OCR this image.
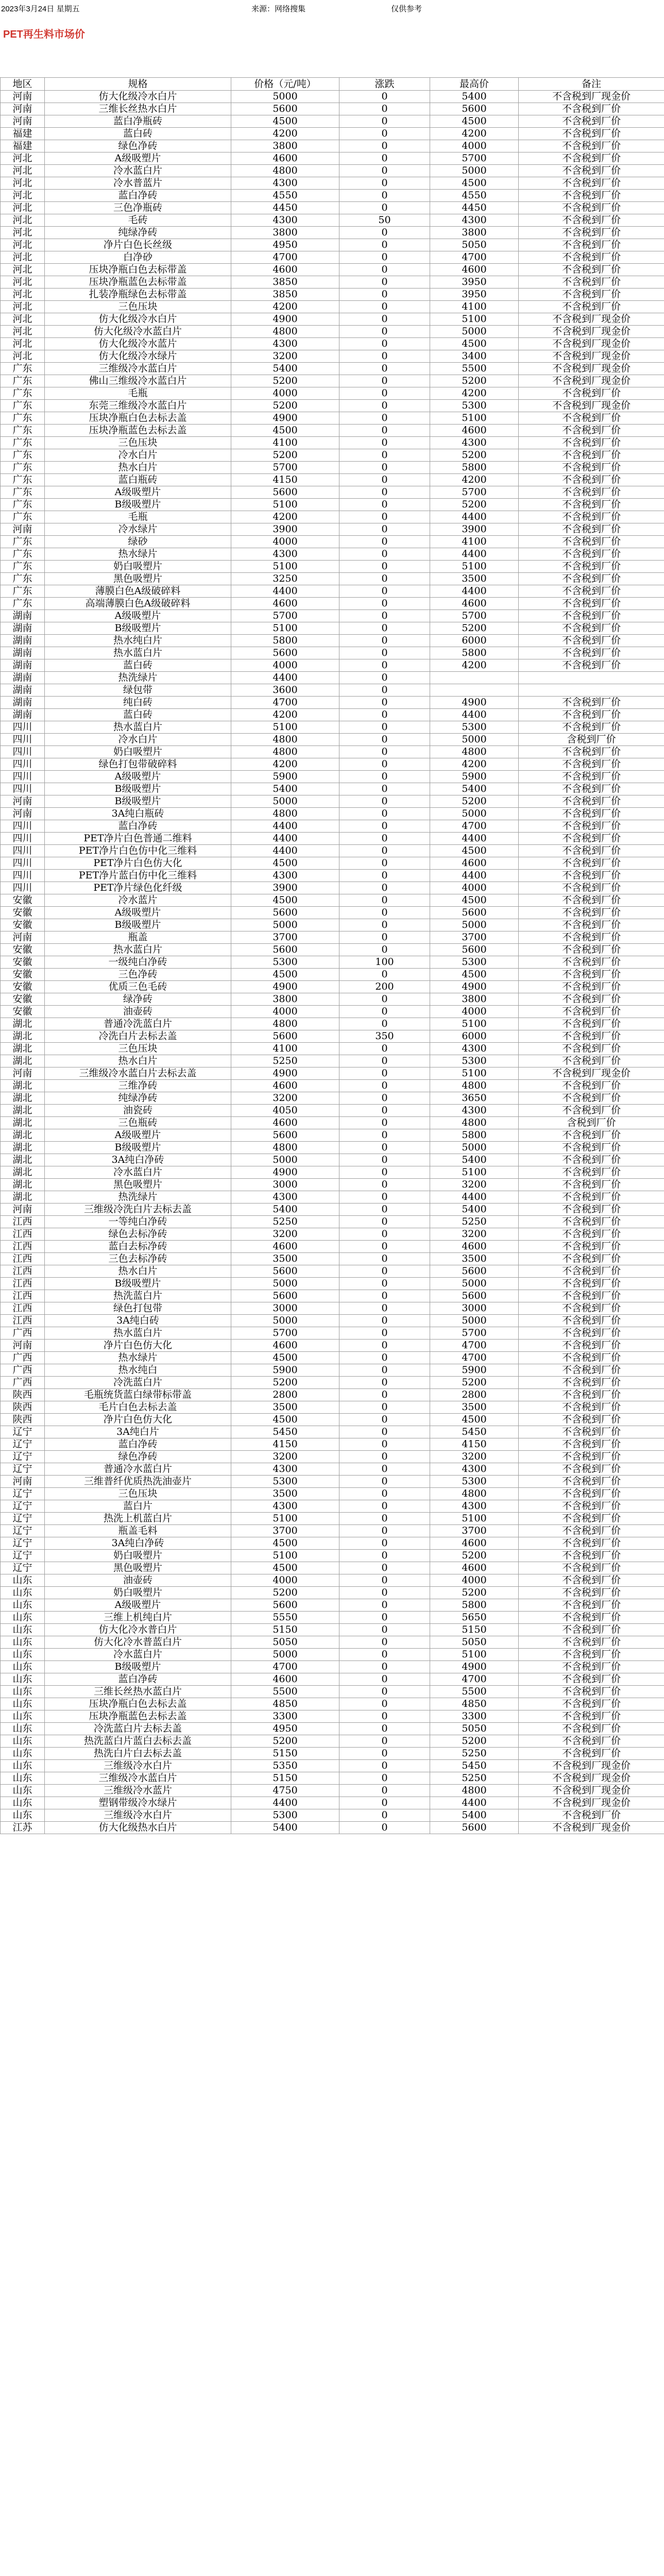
2023年3月24日 星期五	来源：网络搜集	仅供参考
PET再生料市场价
地区	规格	价格（元/吨）	涨跌	最高价	备注
河南	仿大化级冷水白片	5000	0	5400	不含税到厂现金价
河南	三维长丝热水白片	5600	0	5600	不含税到厂价
河南	蓝白净瓶砖	4500	0	4500	不含税到厂价
福建	蓝白砖	4200	0	4200	不含税到厂价
福建	绿色净砖	3800	0	4000	不含税到厂价
河北	A级吸塑片	4600	0	5700	不含税到厂价
河北	冷水蓝白片	4800	0	5000	不含税到厂价
河北	冷水普蓝片	4300	0	4500	不含税到厂价
河北	蓝白净砖	4550	0	4550	不含税到厂价
河北	三色净瓶砖	4450	0	4450	不含税到厂价
河北	毛砖	4300	50	4300	不含税到厂价
河北	纯绿净砖	3800	0	3800	不含税到厂价
河北	净片白色长丝级	4950	0	5050	不含税到厂价
河北	白净砂	4700	0	4700	不含税到厂价
河北	压块净瓶白色去标带盖	4600	0	4600	不含税到厂价
河北	压块净瓶蓝色去标带盖	3850	0	3950	不含税到厂价
河北	扎装净瓶绿色去标带盖	3850	0	3950	不含税到厂价
河北	三色压块	4200	0	4100	不含税到厂价
河北	仿大化级冷水白片	4900	0	5100	不含税到厂现金价
河北	仿大化级冷水蓝白片	4800	0	5000	不含税到厂现金价
河北	仿大化级冷水蓝片	4300	0	4500	不含税到厂现金价
河北	仿大化级冷水绿片	3200	0	3400	不含税到厂现金价
广东	三维级冷水蓝白片	5400	0	5500	不含税到厂现金价
广东	佛山三维级冷水蓝白片	5200	0	5200	不含税到厂现金价
广东	毛瓶	4000	0	4200	不含税到厂价
广东	东莞三维级冷水蓝白片	5200	0	5300	不含税到厂现金价
广东	压块净瓶白色去标去盖	4900	0	5100	不含税到厂价
广东	压块净瓶蓝色去标去盖	4500	0	4600	不含税到厂价
广东	三色压块	4100	0	4300	不含税到厂价
广东	冷水白片	5200	0	5200	不含税到厂价
广东	热水白片	5700	0	5800	不含税到厂价
广东	蓝白瓶砖	4150	0	4200	不含税到厂价
广东	A级吸塑片	5600	0	5700	不含税到厂价
广东	B级吸塑片	5100	0	5200	不含税到厂价
广东	毛瓶	4200	0	4400	不含税到厂价
河南	冷水绿片	3900	0	3900	不含税到厂价
广东	绿砂	4000	0	4100	不含税到厂价
广东	热水绿片	4300	0	4400	不含税到厂价
广东	奶白吸塑片	5100	0	5100	不含税到厂价
广东	黑色吸塑片	3250	0	3500	不含税到厂价
广东	薄膜白色A级破碎料	4400	0	4400	不含税到厂价
广东	高端薄膜白色A级破碎料	4600	0	4600	不含税到厂价
湖南	A级吸塑片	5700	0	5700	不含税到厂价
湖南	B级吸塑片	5100	0	5200	不含税到厂价
湖南	热水纯白片	5800	0	6000	不含税到厂价
湖南	热水蓝白片	5600	0	5800	不含税到厂价
湖南	蓝白砖	4000	0	4200	不含税到厂价
湖南	热洗绿片	4400	0		
湖南	绿包带	3600	0		
湖南	纯白砖	4700	0	4900	不含税到厂价
湖南	蓝白砖	4200	0	4400	不含税到厂价
四川	热水蓝白片	5100	0	5300	不含税到厂价
四川	冷水白片	4800	0	5000	含税到厂价
四川	奶白吸塑片	4800	0	4800	不含税到厂价
四川	绿色打包带破碎料	4200	0	4200	不含税到厂价
四川	A级吸塑片	5900	0	5900	不含税到厂价
四川	B级吸塑片	5400	0	5400	不含税到厂价
河南	B级吸塑片	5000	0	5200	不含税到厂价
河南	3A纯白瓶砖	4800	0	5000	不含税到厂价
四川	蓝白净砖	4400	0	4700	不含税到厂价
四川	PET净片白色普通二维料	4400	0	4400	不含税到厂价
四川	PET净片白色仿中化三维料	4400	0	4500	不含税到厂价
四川	PET净片白色仿大化	4500	0	4600	不含税到厂价
四川	PET净片蓝白仿中化三维料	4300	0	4400	不含税到厂价
四川	PET净片绿色化纤级	3900	0	4000	不含税到厂价
安徽	冷水蓝片	4500	0	4500	不含税到厂价
安徽	A级吸塑片	5600	0	5600	不含税到厂价
安徽	B级吸塑片	5000	0	5000	不含税到厂价
河南	瓶盖	3700	0	3700	不含税到厂价
安徽	热水蓝白片	5600	0	5600	不含税到厂价
安徽	一级纯白净砖	5300	100	5300	不含税到厂价
安徽	三色净砖	4500	0	4500	不含税到厂价
安徽	优质三色毛砖	4900	200	4900	不含税到厂价
安徽	绿净砖	3800	0	3800	不含税到厂价
安徽	油壶砖	4000	0	4000	不含税到厂价
湖北	普通冷洗蓝白片	4800	0	5100	不含税到厂价
湖北	冷洗白片去标去盖	5600	350	6000	不含税到厂价
湖北	三色压块	4100	0	4300	不含税到厂价
湖北	热水白片	5250	0	5300	不含税到厂价
河南	三维级冷水蓝白片去标去盖	4900	0	5100	不含税到厂现金价
湖北	三维净砖	4600	0	4800	不含税到厂价
湖北	纯绿净砖	3200	0	3650	不含税到厂价
湖北	油瓷砖	4050	0	4300	不含税到厂价
湖北	三色瓶砖	4600	0	4800	含税到厂价
湖北	A级吸塑片	5600	0	5800	不含税到厂价
湖北	B级吸塑片	4800	0	5000	不含税到厂价
湖北	3A纯白净砖	5000	0	5400	不含税到厂价
湖北	冷水蓝白片	4900	0	5100	不含税到厂价
湖北	黑色吸塑片	3000	0	3200	不含税到厂价
湖北	热洗绿片	4300	0	4400	不含税到厂价
河南	三维级冷洗白片去标去盖	5400	0	5400	不含税到厂价
江西	一等纯白净砖	5250	0	5250	不含税到厂价
江西	绿色去标净砖	3200	0	3200	不含税到厂价
江西	蓝白去标净砖	4600	0	4600	不含税到厂价
江西	三色去标净砖	3500	0	3500	不含税到厂价
江西	热水白片	5600	0	5600	不含税到厂价
江西	B级吸塑片	5000	0	5000	不含税到厂价
江西	热洗蓝白片	5600	0	5600	不含税到厂价
江西	绿色打包带	3000	0	3000	不含税到厂价
江西	3A纯白砖	5000	0	5000	不含税到厂价
广西	热水蓝白片	5700	0	5700	不含税到厂价
河南	净片白色仿大化	4600	0	4700	不含税到厂价
广西	热水绿片	4500	0	4700	不含税到厂价
广西	热水纯白	5900	0	5900	不含税到厂价
广西	冷洗蓝白片	5200	0	5200	不含税到厂价
陕西	毛瓶统货蓝白绿带标带盖	2800	0	2800	不含税到厂价
陕西	毛片白色去标去盖	3500	0	3500	不含税到厂价
陕西	净片白色仿大化	4500	0	4500	不含税到厂价
辽宁	3A纯白片	5450	0	5450	不含税到厂价
辽宁	蓝白净砖	4150	0	4150	不含税到厂价
辽宁	绿色净砖	3200	0	3200	不含税到厂价
辽宁	普通冷水蓝白片	4300	0	4300	不含税到厂价
河南	三维普纤优质热洗油壶片	5300	0	5300	不含税到厂价
辽宁	三色压块	3500	0	4800	不含税到厂价
辽宁	蓝白片	4300	0	4300	不含税到厂价
辽宁	热洗上机蓝白片	5100	0	5100	不含税到厂价
辽宁	瓶盖毛料	3700	0	3700	不含税到厂价
辽宁	3A纯白净砖	4500	0	4600	不含税到厂价
辽宁	奶白吸塑片	5100	0	5200	不含税到厂价
辽宁	黑色吸塑片	4500	0	4600	不含税到厂价
山东	油壶砖	4000	0	4000	不含税到厂价
山东	奶白吸塑片	5200	0	5200	不含税到厂价
山东	A级吸塑片	5600	0	5800	不含税到厂价
山东	三维上机纯白片	5550	0	5650	不含税到厂价
山东	仿大化冷水普白片	5150	0	5150	不含税到厂价
山东	仿大化冷水普蓝白片	5050	0	5050	不含税到厂价
山东	冷水蓝白片	5000	0	5100	不含税到厂价
山东	B级吸塑片	4700	0	4900	不含税到厂价
山东	蓝白净砖	4600	0	4700	不含税到厂价
山东	三维长丝热水蓝白片	5500	0	5500	不含税到厂价
山东	压块净瓶白色去标去盖	4850	0	4850	不含税到厂价
山东	压块净瓶蓝色去标去盖	3300	0	3300	不含税到厂价
山东	冷洗蓝白片去标去盖	4950	0	5050	不含税到厂价
山东	热洗蓝白片蓝白去标去盖	5200	0	5200	不含税到厂价
山东	热洗白片白去标去盖	5150	0	5250	不含税到厂价
山东	三维级冷水白片	5350	0	5450	不含税到厂现金价
山东	三维级冷水蓝白片	5150	0	5250	不含税到厂现金价
山东	三维级冷水蓝片	4750	0	4800	不含税到厂现金价
山东	塑钢带级冷水绿片	4400	0	4400	不含税到厂现金价
山东	三维级冷水白片	5300	0	5400	不含税到厂价
江苏	仿大化级热水白片	5400	0	5600	不含税到厂现金价
